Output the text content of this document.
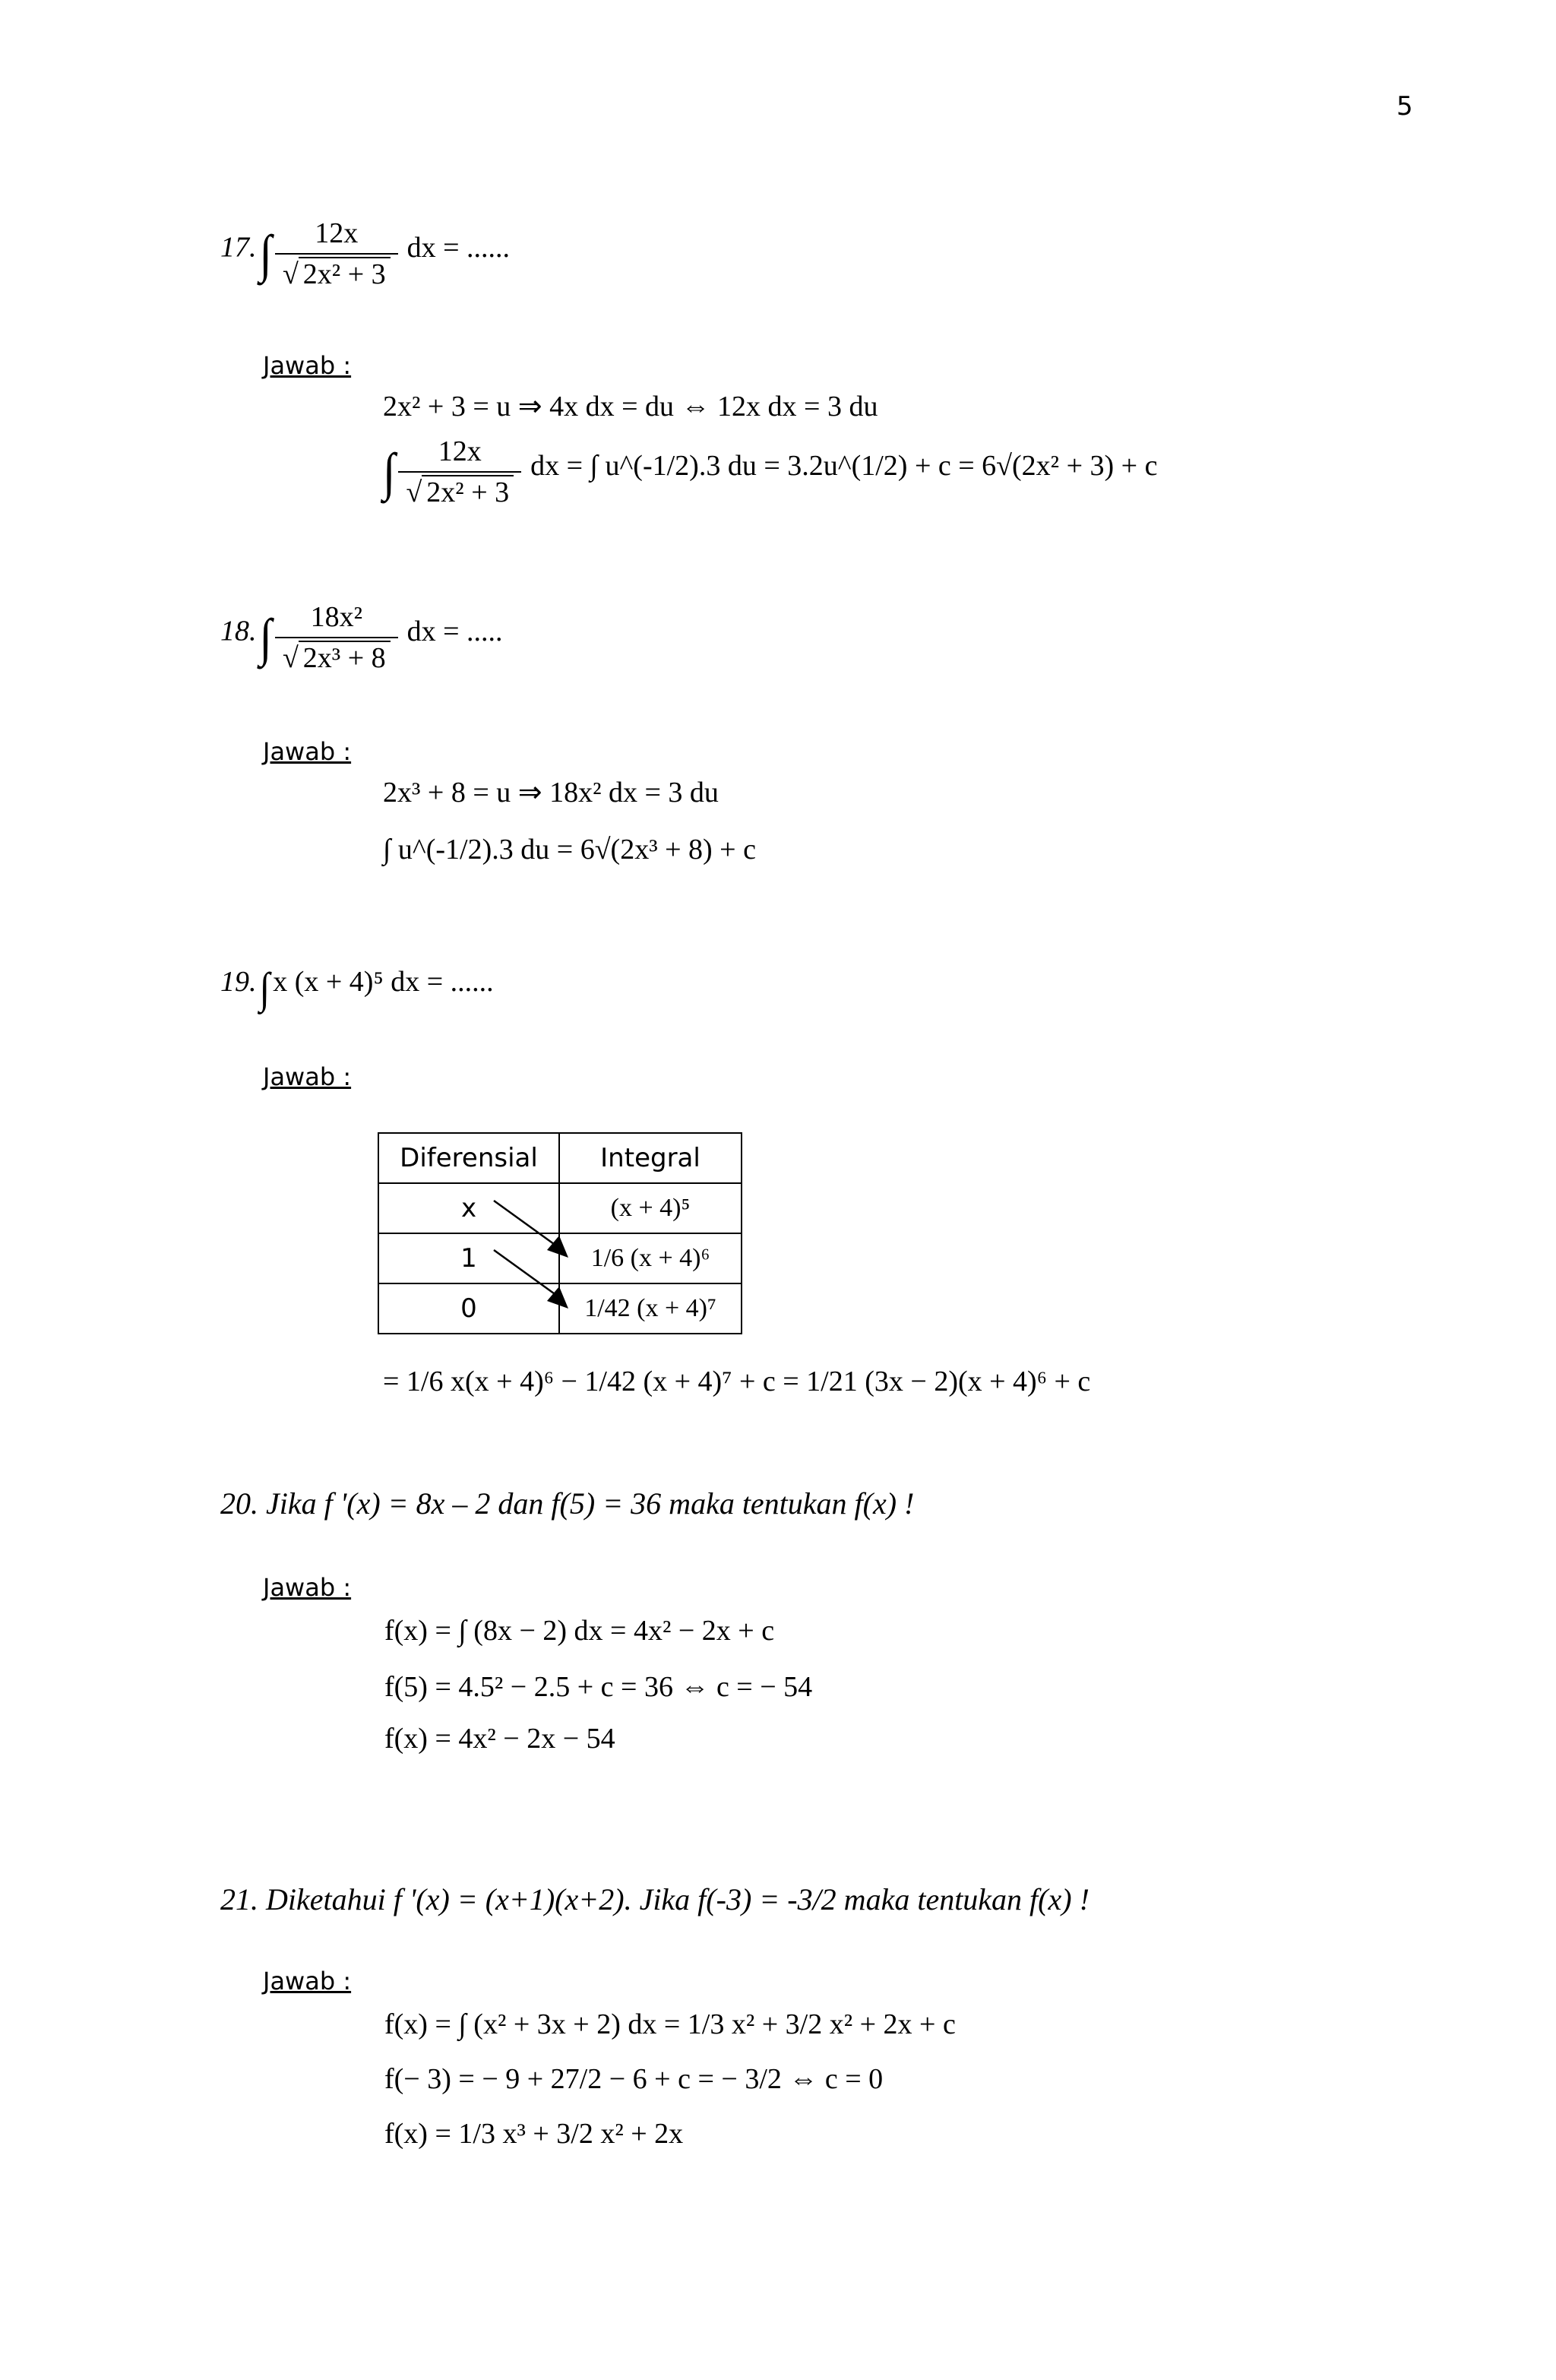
5
17. ∫ $\frac{12x}{\text{√ 2x² + 3}}$ dx = ......
Jawab :
2x² + 3 = u ⇒ 4x dx = du ⇔ 12x dx = 3 du
∫ $\frac{12x}{\text{√ 2x² + 3}}$ dx = ∫ u^(-1/2).3 du = 3.2u^(1/2) + c = 6√(2x² + 3) + c
18. ∫ $\frac{\text{18x²}}{\text{√ 2x³ + 8}}$ dx = .....
Jawab :
2x³ + 8 = u ⇒ 18x² dx = 3 du
∫ u^(-1/2).3 du = 6√(2x³ + 8) + c
19. ∫ x (x + 4)⁵ dx = ......
Jawab :
Diferensial	Integral
x	(x + 4)⁵
1	1/6 (x + 4)⁶
0	1/42 (x + 4)⁷
= 1/6 x(x + 4)⁶ − 1/42 (x + 4)⁷ + c = 1/21 (3x − 2)(x + 4)⁶ + c
20. Jika f '(x) = 8x – 2 dan f(5) = 36 maka tentukan f(x) !
Jawab :
f(x) = ∫ (8x − 2) dx = 4x² − 2x + c
f(5) = 4.5² − 2.5 + c = 36 ⇔ c = − 54
f(x) = 4x² − 2x − 54
21. Diketahui f '(x) = (x+1)(x+2). Jika f(-3) = -3/2 maka tentukan f(x) !
Jawab :
f(x) = ∫ (x² + 3x + 2) dx = 1/3 x² + 3/2 x² + 2x + c
f(− 3) = − 9 + 27/2 − 6 + c = − 3/2 ⇔ c = 0
f(x) = 1/3 x³ + 3/2 x² + 2x
